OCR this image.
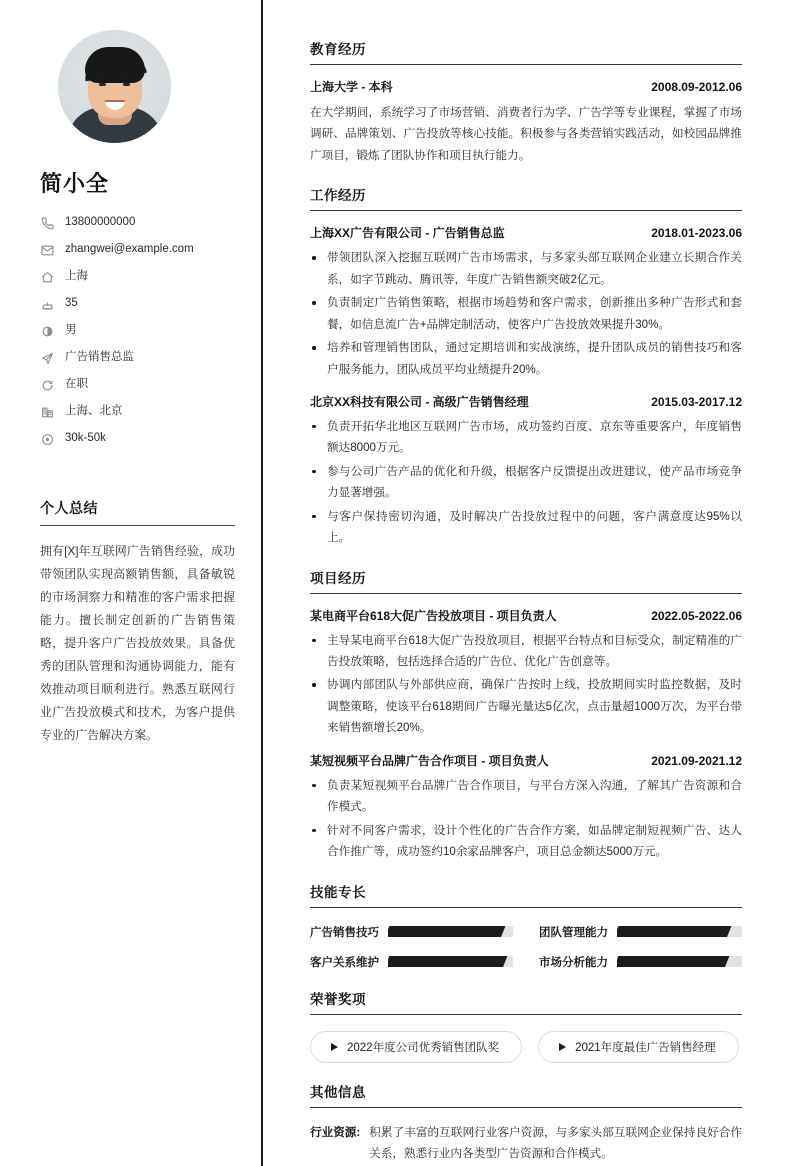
简小全
13800000000
zhangwei@example.com
上海
35
男
广告销售总监
在职
上海、北京
30k-50k
个人总结
拥有[X]年互联网广告销售经验，成功带领团队实现高额销售额，具备敏锐的市场洞察力和精准的客户需求把握能力。擅长制定创新的广告销售策略，提升客户广告投放效果。具备优秀的团队管理和沟通协调能力，能有效推动项目顺利进行。熟悉互联网行业广告投放模式和技术，为客户提供专业的广告解决方案。
教育经历
上海大学 - 本科	2008.09-2012.06
在大学期间，系统学习了市场营销、消费者行为学、广告学等专业课程，掌握了市场调研、品牌策划、广告投放等核心技能。积极参与各类营销实践活动，如校园品牌推广项目，锻炼了团队协作和项目执行能力。
工作经历
上海XX广告有限公司 - 广告销售总监	2018.01-2023.06
带领团队深入挖掘互联网广告市场需求，与多家头部互联网企业建立长期合作关系，如字节跳动、腾讯等，年度广告销售额突破2亿元。
负责制定广告销售策略，根据市场趋势和客户需求，创新推出多种广告形式和套餐，如信息流广告+品牌定制活动，使客户广告投放效果提升30%。
培养和管理销售团队，通过定期培训和实战演练，提升团队成员的销售技巧和客户服务能力，团队成员平均业绩提升20%。
北京XX科技有限公司 - 高级广告销售经理	2015.03-2017.12
负责开拓华北地区互联网广告市场，成功签约百度、京东等重要客户，年度销售额达8000万元。
参与公司广告产品的优化和升级，根据客户反馈提出改进建议，使产品市场竞争力显著增强。
与客户保持密切沟通，及时解决广告投放过程中的问题，客户满意度达95%以上。
项目经历
某电商平台618大促广告投放项目 - 项目负责人	2022.05-2022.06
主导某电商平台618大促广告投放项目，根据平台特点和目标受众，制定精准的广告投放策略，包括选择合适的广告位、优化广告创意等。
协调内部团队与外部供应商，确保广告按时上线，投放期间实时监控数据，及时调整策略，使该平台618期间广告曝光量达5亿次，点击量超1000万次，为平台带来销售额增长20%。
某短视频平台品牌广告合作项目 - 项目负责人	2021.09-2021.12
负责某短视频平台品牌广告合作项目，与平台方深入沟通，了解其广告资源和合作模式。
针对不同客户需求，设计个性化的广告合作方案，如品牌定制短视频广告、达人合作推广等，成功签约10余家品牌客户，项目总金额达5000万元。
技能专长
广告销售技巧	团队管理能力
客户关系维护	市场分析能力
荣誉奖项
2022年度公司优秀销售团队奖	2021年度最佳广告销售经理
其他信息
行业资源: 积累了丰富的互联网行业客户资源，与多家头部互联网企业保持良好合作关系，熟悉行业内各类型广告资源和合作模式。
